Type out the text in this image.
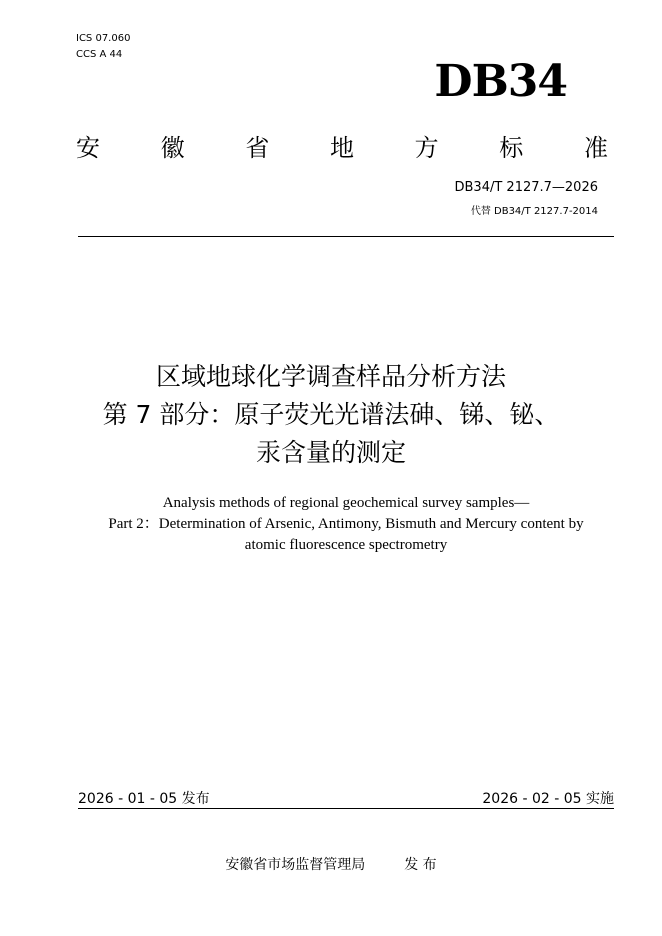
ICS 07.060
CCS A 44
DB34
安	徽	省	地	方	标	准
DB34/T 2127.7—2026
代替 DB34/T 2127.7-2014
区域地球化学调查样品分析方法
第 7 部分：原子荧光光谱法砷、锑、铋、
汞含量的测定
Analysis methods of regional geochemical survey samples—
Part 2：Determination of Arsenic, Antimony, Bismuth and Mercury content by
atomic fluorescence spectrometry
2026 - 01 - 05 发布	2026 - 02 - 05 实施
安徽省市场监督管理局	发 布
